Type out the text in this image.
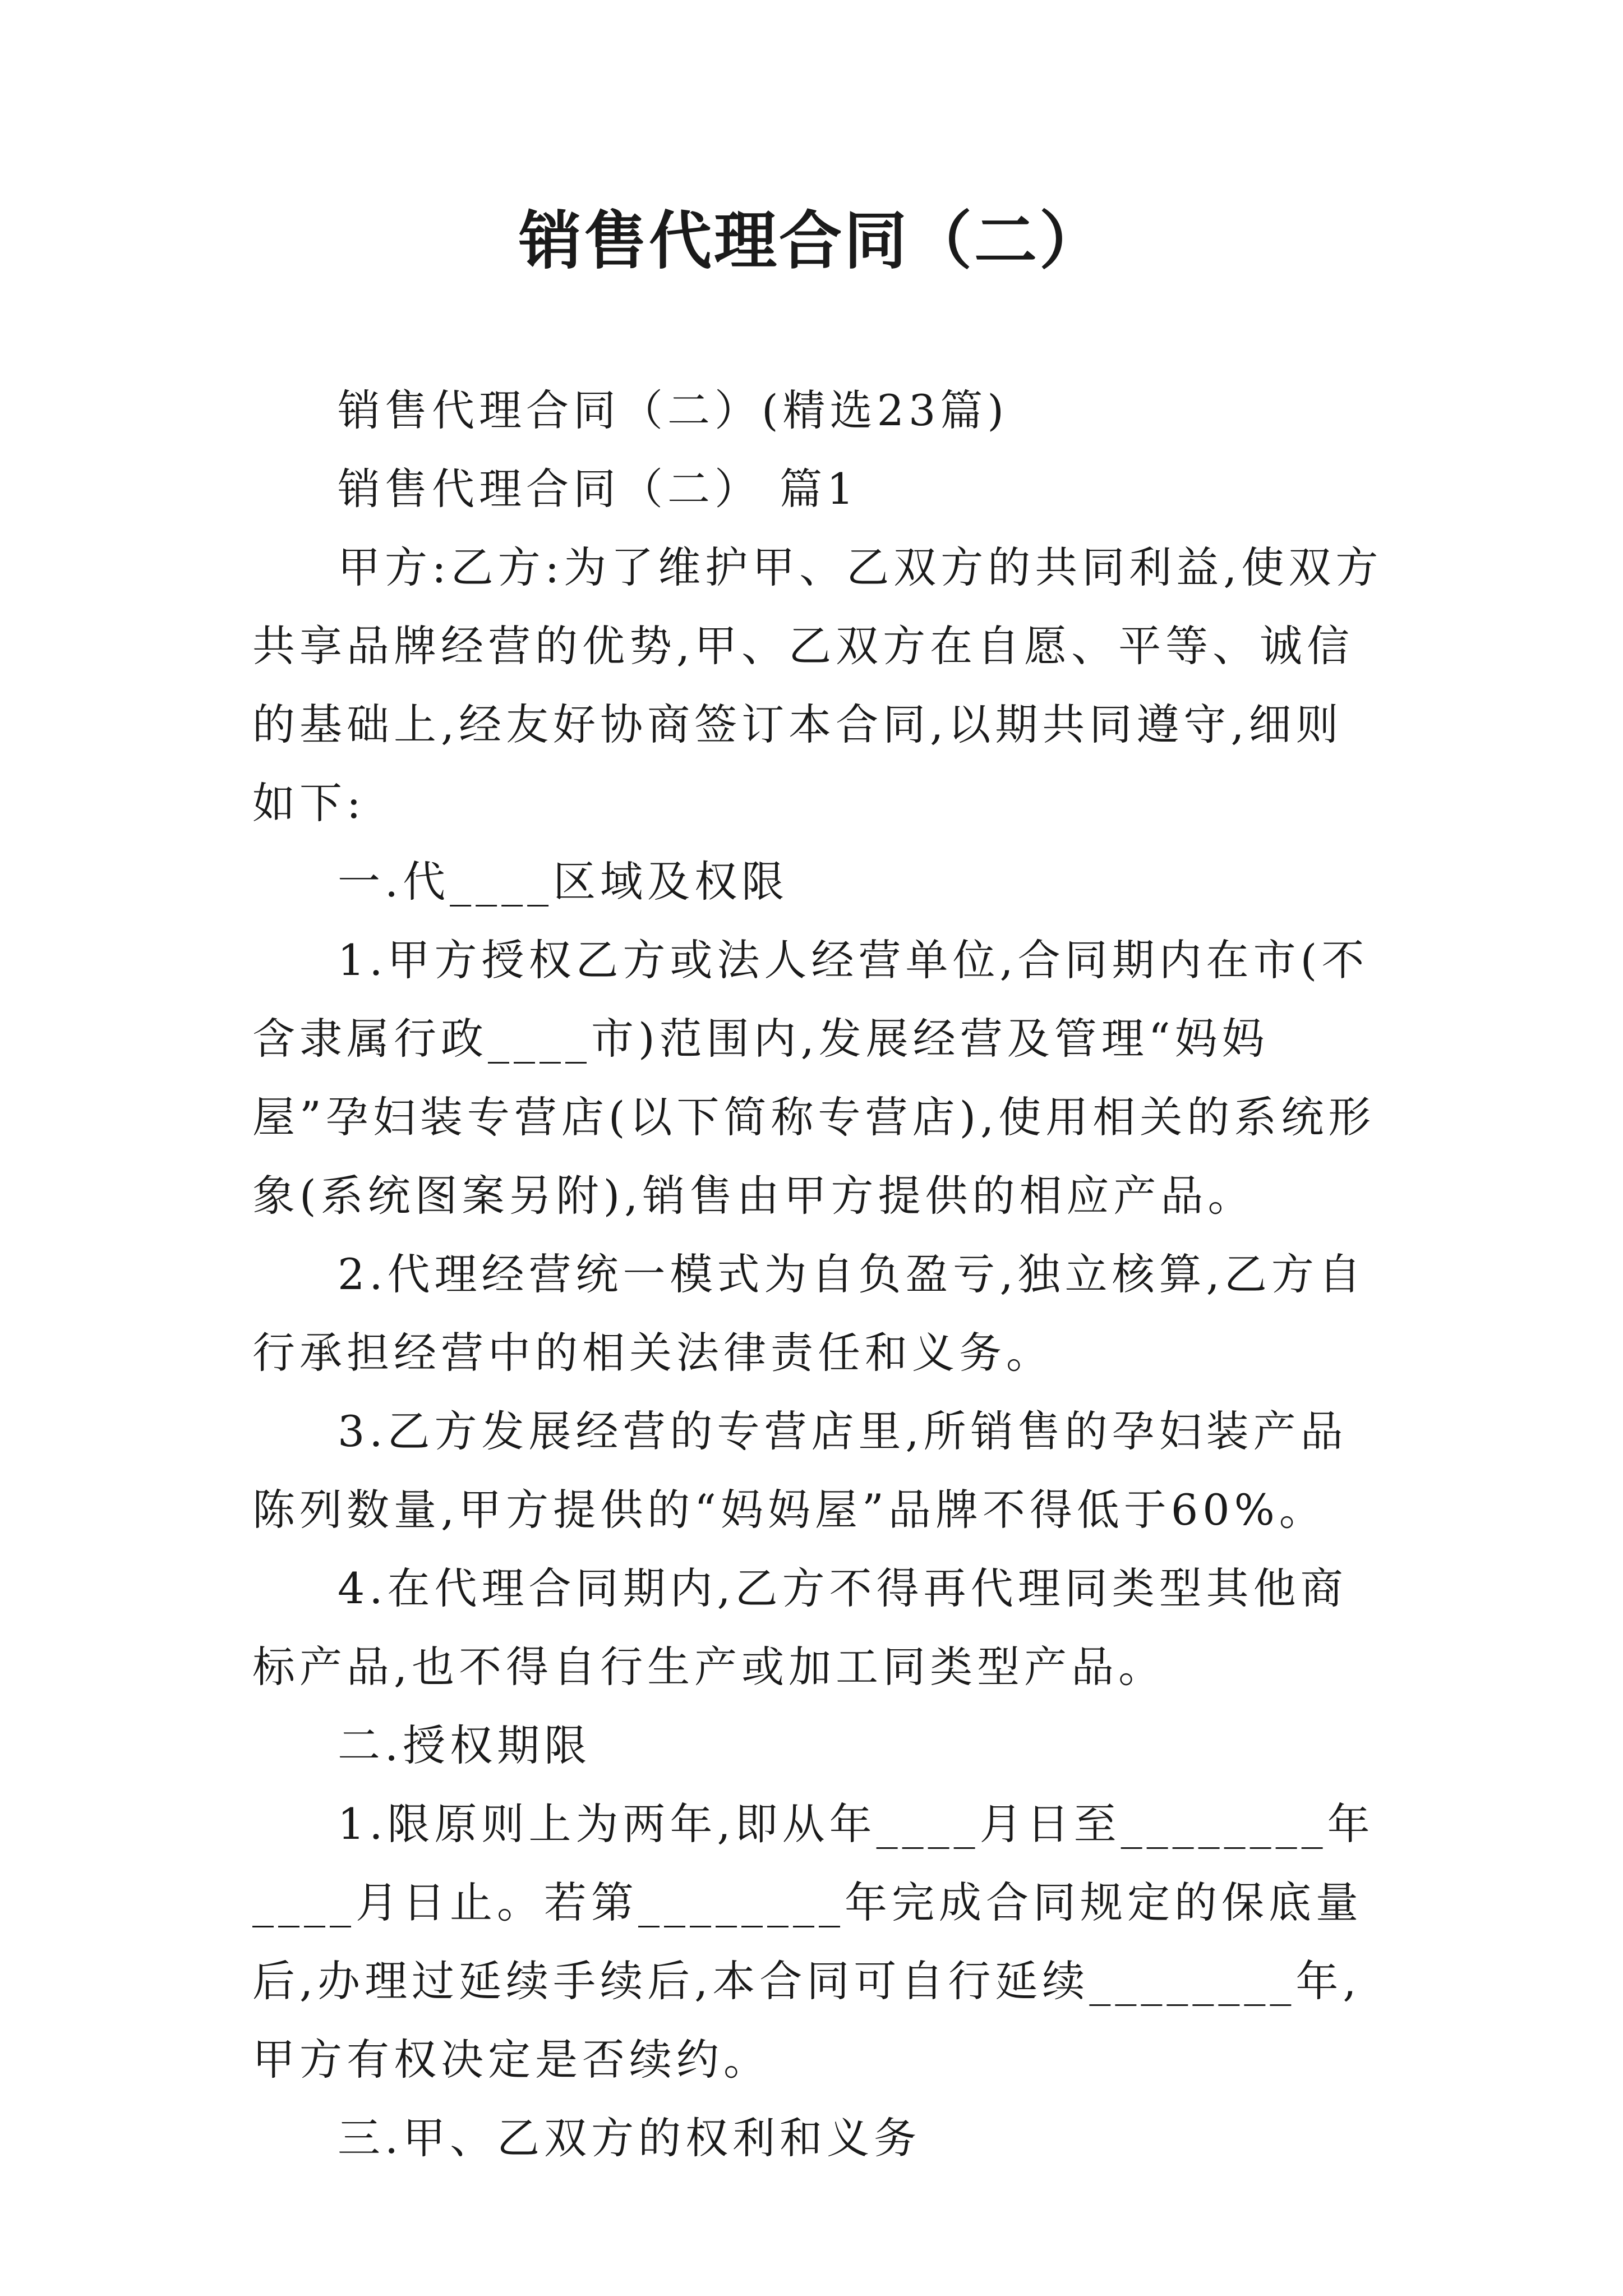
销售代理合同（二）

销售代理合同（二）(精选23篇)

销售代理合同（二） 篇1

甲方:乙方:为了维护甲、乙双方的共同利益,使双方共享品牌经营的优势,甲、乙双方在自愿、平等、诚信的基础上,经友好协商签订本合同,以期共同遵守,细则如下:

一.代____区域及权限

1.甲方授权乙方或法人经营单位,合同期内在市(不含隶属行政____市)范围内,发展经营及管理“妈妈屋”孕妇装专营店(以下简称专营店),使用相关的系统形象(系统图案另附),销售由甲方提供的相应产品。

2.代理经营统一模式为自负盈亏,独立核算,乙方自行承担经营中的相关法律责任和义务。

3.乙方发展经营的专营店里,所销售的孕妇装产品陈列数量,甲方提供的“妈妈屋”品牌不得低于60%。

4.在代理合同期内,乙方不得再代理同类型其他商标产品,也不得自行生产或加工同类型产品。

二.授权期限

1.限原则上为两年,即从年____月日至________年____月日止。若第________年完成合同规定的保底量后,办理过延续手续后,本合同可自行延续________年,甲方有权决定是否续约。

三.甲、乙双方的权利和义务
